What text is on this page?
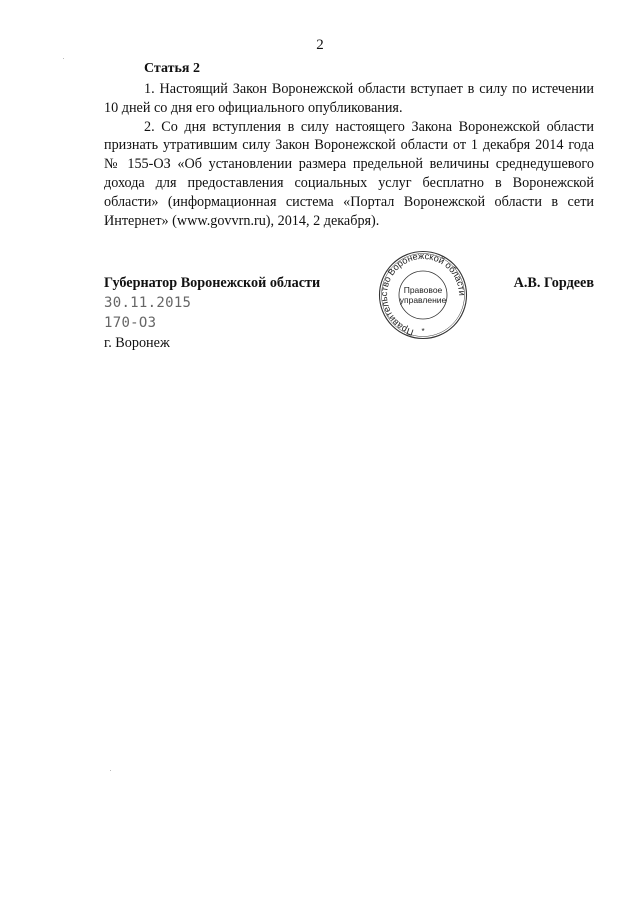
2
Статья 2

1. Настоящий Закон Воронежской области вступает в силу по истечении 10 дней со дня его официального опубликования.

2. Со дня вступления в силу настоящего Закона Воронежской области признать утратившим силу Закон Воронежской области от 1 декабря 2014 года № 155-ОЗ «Об установлении размера предельной величины среднедушевого дохода для предоставления социальных услуг бесплатно в Воронежской области» (информационная система «Портал Воронежской области в сети Интернет» (www.govvrn.ru), 2014, 2 декабря).

Губернатор Воронежской области	А.В. Гордеев
30.11.2015
170-ОЗ
г. Воронеж
Правительство Воронежской области
Правовое
управление
*
